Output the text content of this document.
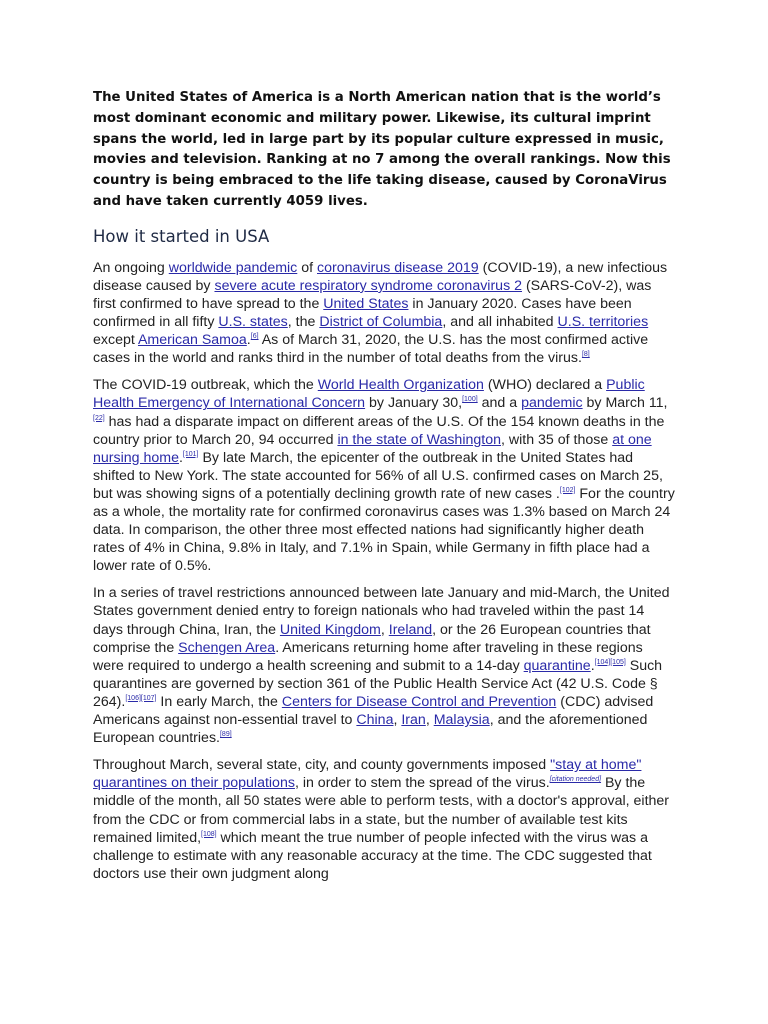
The United States of America is a North American nation that is the world’s most dominant economic and military power. Likewise, its cultural imprint spans the world, led in large part by its popular culture expressed in music, movies and television. Ranking at no 7 among the overall rankings. Now this country is being embraced to the life taking disease, caused by CoronaVirus and have taken currently 4059 lives.

How it started in USA

An ongoing worldwide pandemic of coronavirus disease 2019 (COVID-19), a new infectious disease caused by severe acute respiratory syndrome coronavirus 2 (SARS-CoV-2), was first confirmed to have spread to the United States in January 2020. Cases have been confirmed in all fifty U.S. states, the District of Columbia, and all inhabited U.S. territories except American Samoa.[6] As of March 31, 2020, the U.S. has the most confirmed active cases in the world and ranks third in the number of total deaths from the virus.[8]

The COVID-19 outbreak, which the World Health Organization (WHO) declared a Public Health Emergency of International Concern by January 30,[100] and a pandemic by March 11,[22] has had a disparate impact on different areas of the U.S. Of the 154 known deaths in the country prior to March 20, 94 occurred in the state of Washington, with 35 of those at one nursing home.[101] By late March, the epicenter of the outbreak in the United States had shifted to New York. The state accounted for 56% of all U.S. confirmed cases on March 25, but was showing signs of a potentially declining growth rate of new cases .[102] For the country as a whole, the mortality rate for confirmed coronavirus cases was 1.3% based on March 24 data. In comparison, the other three most effected nations had significantly higher death rates of 4% in China, 9.8% in Italy, and 7.1% in Spain, while Germany in fifth place had a lower rate of 0.5%.

In a series of travel restrictions announced between late January and mid-March, the United States government denied entry to foreign nationals who had traveled within the past 14 days through China, Iran, the United Kingdom, Ireland, or the 26 European countries that comprise the Schengen Area. Americans returning home after traveling in these regions were required to undergo a health screening and submit to a 14-day quarantine.[104][105] Such quarantines are governed by section 361 of the Public Health Service Act (42 U.S. Code § 264).[106][107] In early March, the Centers for Disease Control and Prevention (CDC) advised Americans against non-essential travel to China, Iran, Malaysia, and the aforementioned European countries.[89]

Throughout March, several state, city, and county governments imposed "stay at home" quarantines on their populations, in order to stem the spread of the virus.[citation needed] By the middle of the month, all 50 states were able to perform tests, with a doctor's approval, either from the CDC or from commercial labs in a state, but the number of available test kits remained limited,[108] which meant the true number of people infected with the virus was a challenge to estimate with any reasonable accuracy at the time. The CDC suggested that doctors use their own judgment along
